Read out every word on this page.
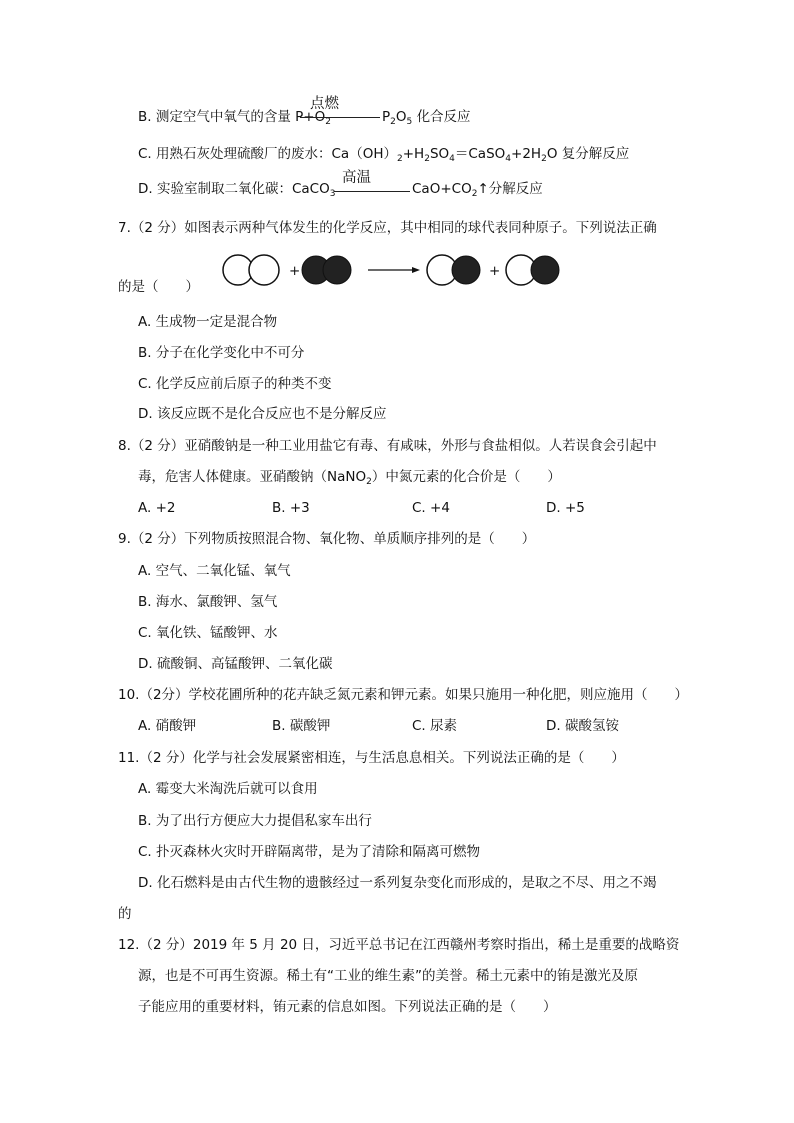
B. 测定空气中氧气的含量 $P+O_2$
点燃
$P_2O_5$ 化合反应
C. 用熟石灰处理硫酸厂的废水：$Ca(OH)_2+H_2SO_4=CaSO_4+2H_2O$ 复分解反应
D. 实验室制取二氧化碳：CaCO$_3$
高温
$CaO+CO_2↑$分解反应
7.（2 分）如图表示两种气体发生的化学反应，其中相同的球代表同种原子。下列说法正确
+	+
的是（　　）
A. 生成物一定是混合物
B. 分子在化学变化中不可分
C. 化学反应前后原子的种类不变
D. 该反应既不是化合反应也不是分解反应
8.（2 分）亚硝酸钠是一种工业用盐它有毒、有咸味，外形与食盐相似。人若误食会引起中
毒，危害人体健康。亚硝酸钠（NaNO$_2$）中氮元素的化合价是（　　）
A. +2	B. +3	C. +4	D. +5
9.（2 分）下列物质按照混合物、氧化物、单质顺序排列的是（　　）
A. 空气、二氧化锰、氧气
B. 海水、氯酸钾、氢气
C. 氧化铁、锰酸钾、水
D. 硫酸铜、高锰酸钾、二氧化碳
10.（2分）学校花圃所种的花卉缺乏氮元素和钾元素。如果只施用一种化肥，则应施用（　　）
A. 硝酸钾	B. 碳酸钾	C. 尿素	D. 碳酸氢铵
11.（2 分）化学与社会发展紧密相连，与生活息息相关。下列说法正确的是（　　）
A. 霉变大米淘洗后就可以食用
B. 为了出行方便应大力提倡私家车出行
C. 扑灭森林火灾时开辟隔离带，是为了清除和隔离可燃物
D. 化石燃料是由古代生物的遗骸经过一系列复杂变化而形成的，是取之不尽、用之不竭
的
12.（2 分）2019 年 5 月 20 日，习近平总书记在江西赣州考察时指出，稀土是重要的战略资
源，也是不可再生资源。稀土有“工业的维生素”的美誉。稀土元素中的铕是激光及原
子能应用的重要材料，铕元素的信息如图。下列说法正确的是（　　）
